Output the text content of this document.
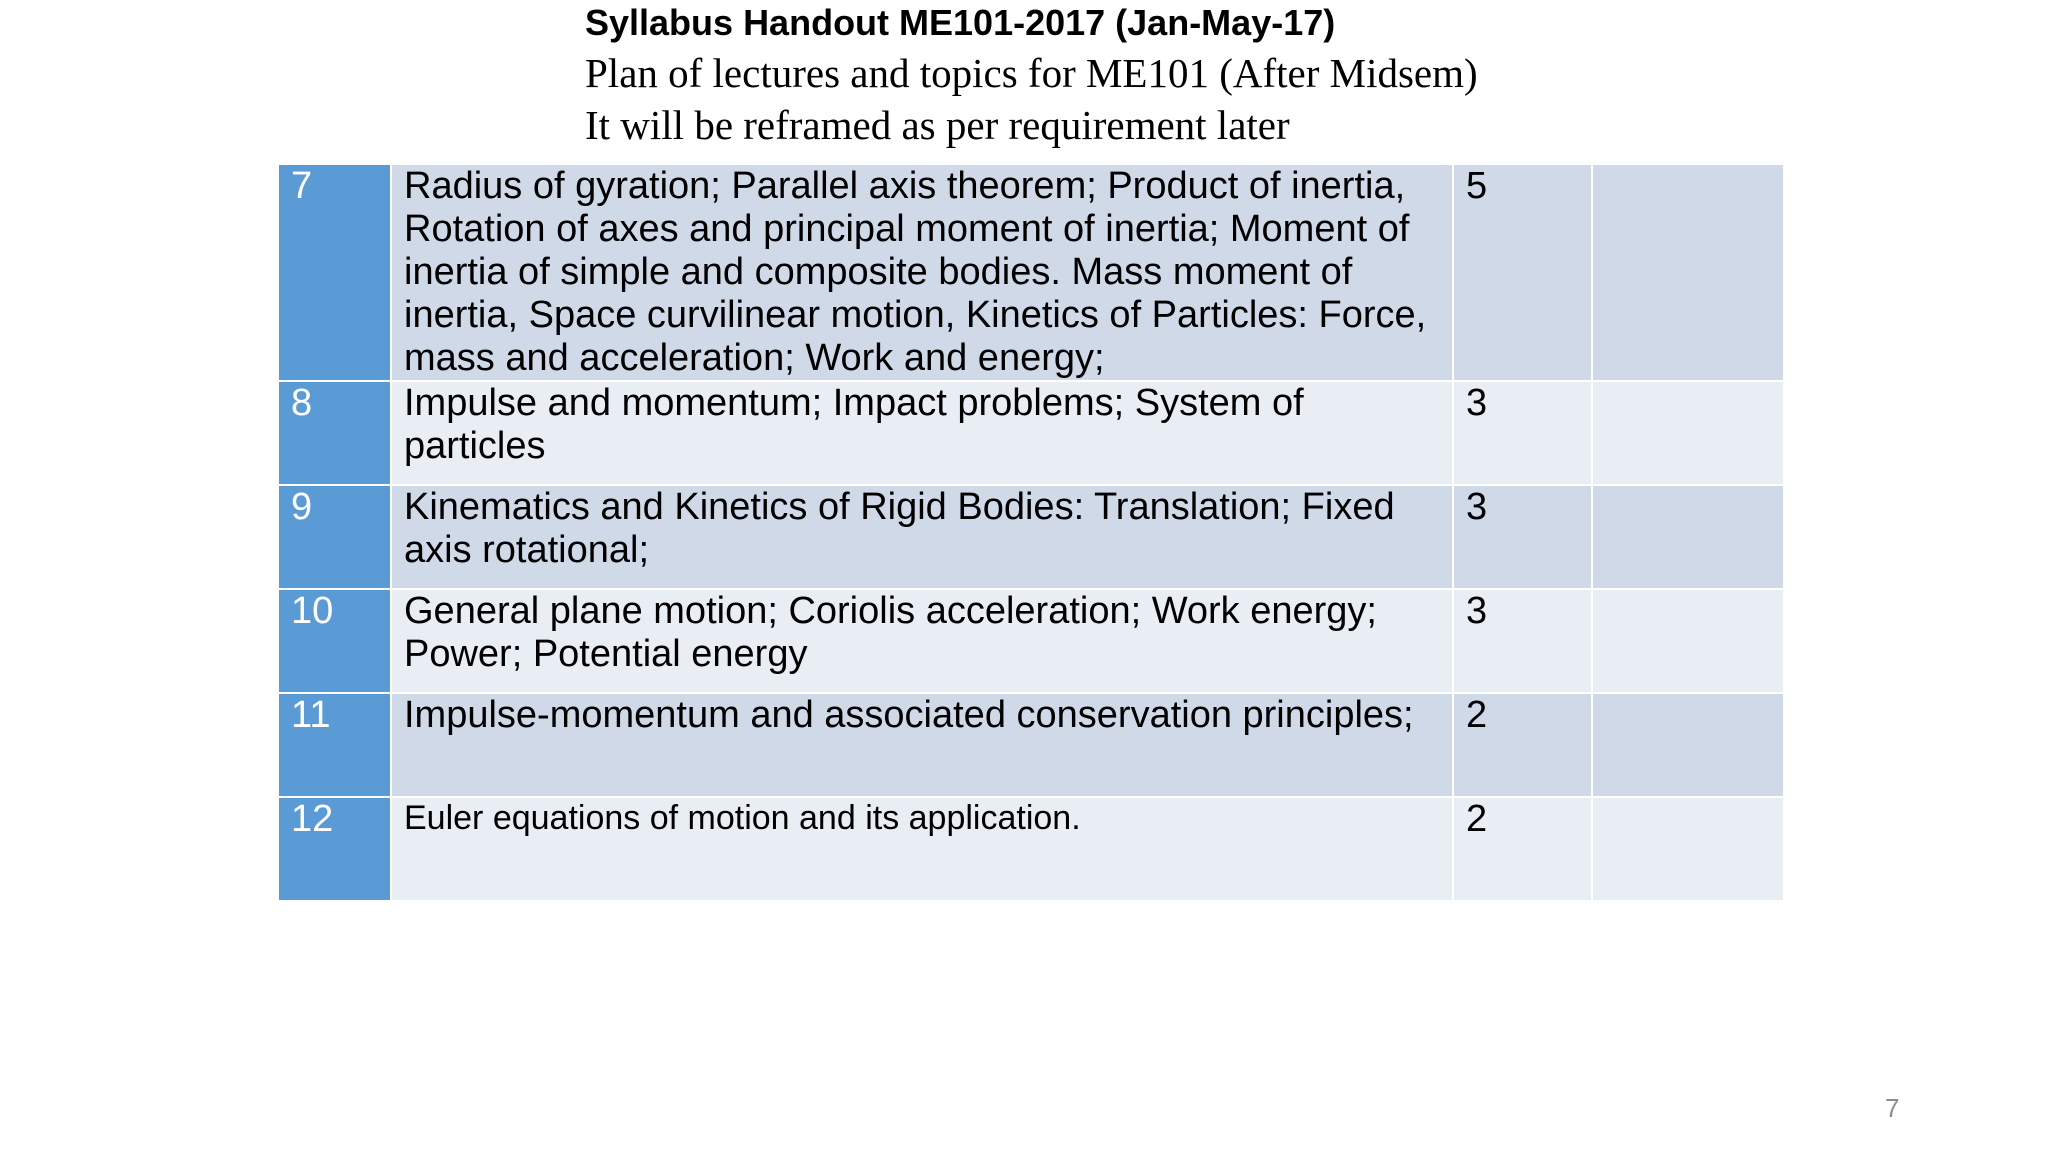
Syllabus Handout ME101-2017 (Jan-May-17)
Plan of lectures and topics for ME101 (After Midsem)
It will be reframed as per requirement later
7	Radius of gyration; Parallel axis theorem; Product of inertia, Rotation of axes and principal moment of inertia; Moment of inertia of simple and composite bodies. Mass moment of inertia, Space curvilinear motion, Kinetics of Particles: Force, mass and acceleration; Work and energy;	5	
8	Impulse and momentum; Impact problems; System of particles	3	
9	Kinematics and Kinetics of Rigid Bodies: Translation; Fixed axis rotational;	3	
10	General plane motion; Coriolis acceleration; Work energy; Power; Potential energy	3	
11	Impulse-momentum and associated conservation principles;	2	
12	Euler equations of motion and its application.	2	
7
